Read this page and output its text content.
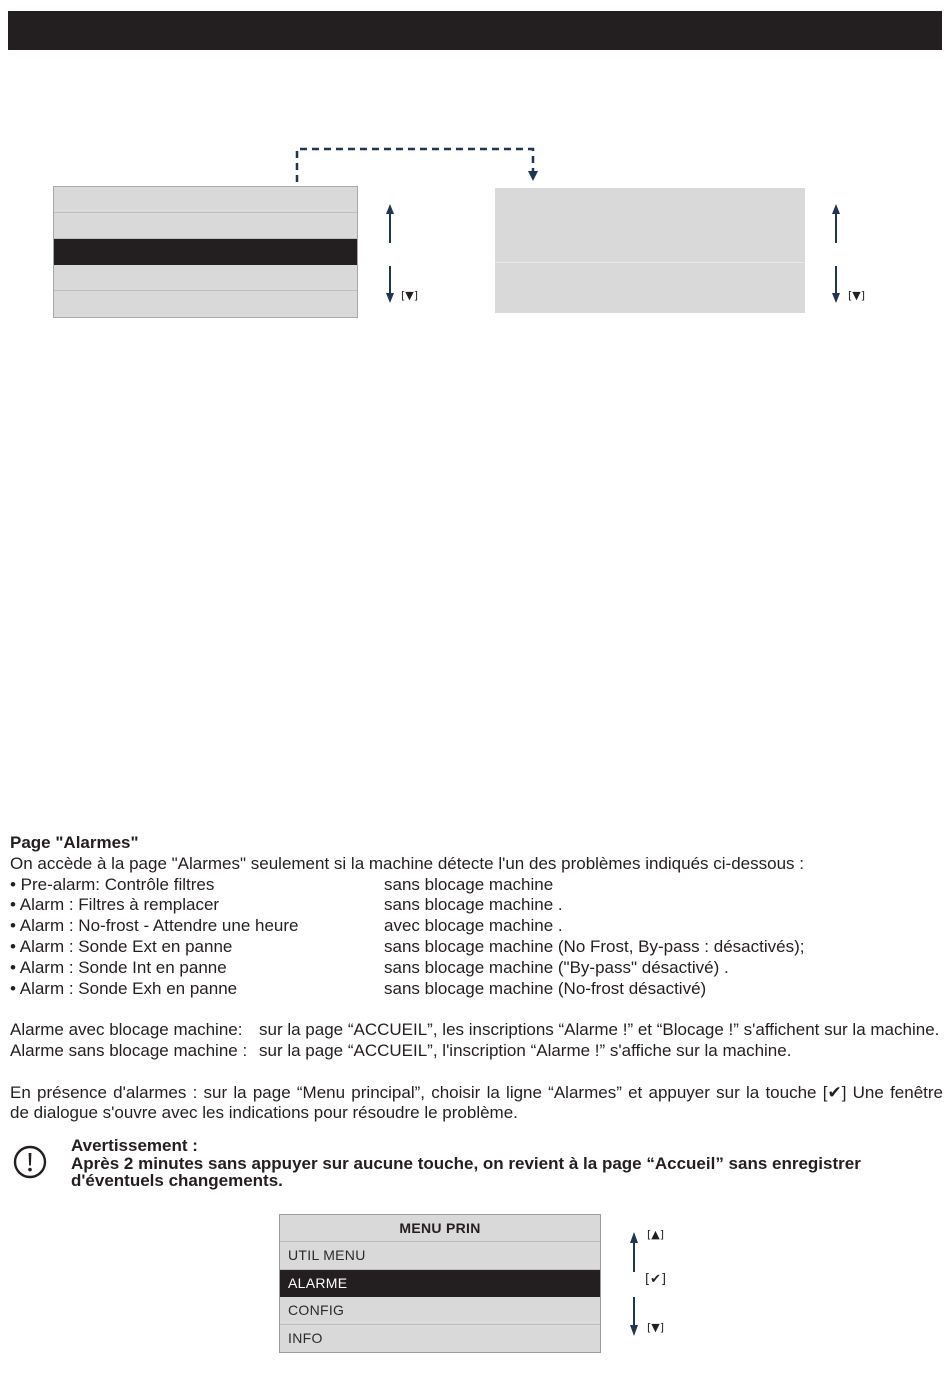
[▼]	[▼]
Page "Alarmes"
On accède à la page "Alarmes" seulement si la machine détecte l'un des problèmes indiqués ci-dessous :
• Pre-alarm: Contrôle filtres	sans blocage machine
• Alarm : Filtres à remplacer	sans blocage machine .
• Alarm : No-frost - Attendre une heure	avec blocage machine .
• Alarm : Sonde Ext en panne	sans blocage machine (No Frost, By-pass : désactivés);
• Alarm : Sonde Int en panne	sans blocage machine ("By-pass" désactivé) .
• Alarm : Sonde Exh en panne	sans blocage machine (No-frost désactivé)
Alarme avec blocage machine: sur la page “ACCUEIL”, les inscriptions “Alarme !” et “Blocage !” s'affichent sur la machine.
Alarme sans blocage machine : sur la page “ACCUEIL”, l'inscription “Alarme !” s'affiche sur la machine.
En présence d'alarmes : sur la page “Menu principal”, choisir la ligne “Alarmes” et appuyer sur la touche [✔] Une fenêtre
de dialogue s'ouvre avec les indications pour résoudre le problème.
Avertissement :
Après 2 minutes sans appuyer sur aucune touche, on revient à la page “Accueil” sans enregistrer d'éventuels changements.
MENU PRIN
UTIL MENU
ALARME
CONFIG
INFO
[▲]
[✔]
[▼]
